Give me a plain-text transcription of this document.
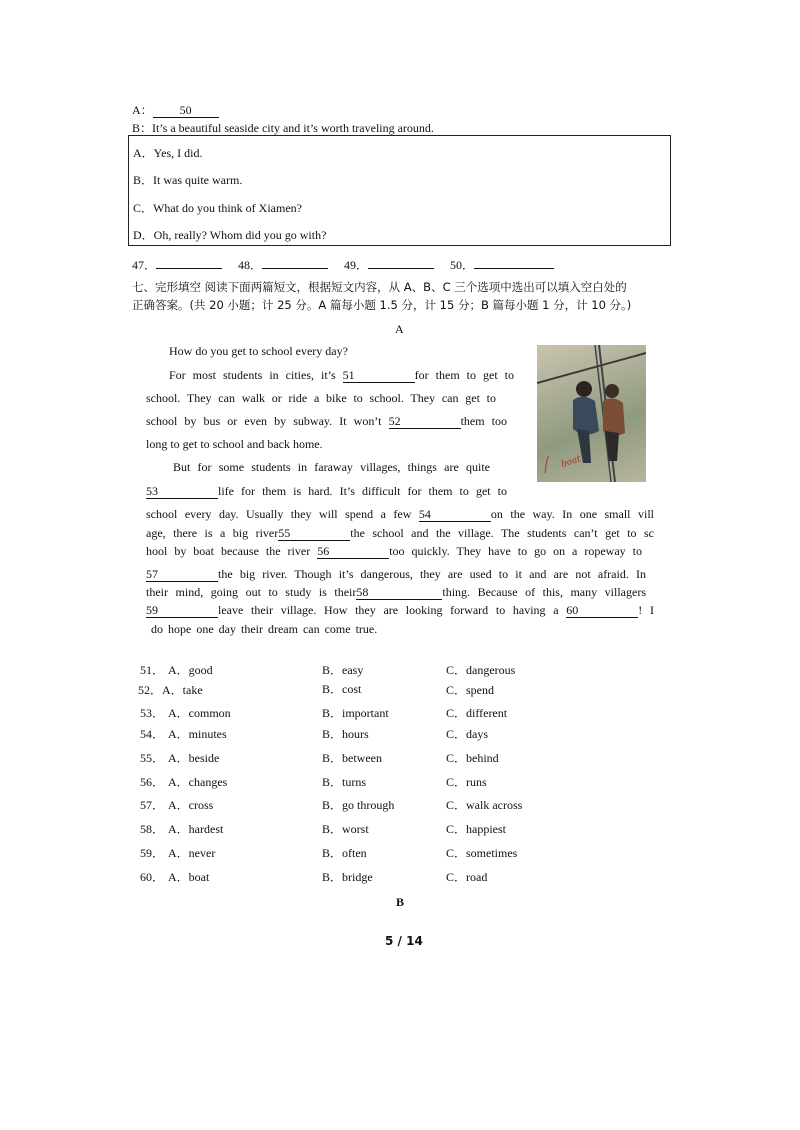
A： 50
B：It’s a beautiful seaside city and it’s worth traveling around.
A．Yes, I did.
B．It was quite warm.
C．What do you think of Xiamen?
D．Oh, really? Whom did you go with?
47．	48．	49．	50．
七、完形填空 阅读下面两篇短文，根据短文内容，从 A、B、C 三个选项中选出可以填入空白处的
正确答案。(共 20 小题；计 25 分。A 篇每小题 1.5 分，计 15 分；B 篇每小题 1 分，计 10 分。)
A
boat
How do you get to school every day?
For most students in cities, it’s 51	for them to get to
school. They can walk or ride a bike to school. They can get to
school by bus or even by subway. It won’t 52	them too
long to get to school and back home.
But for some students in faraway villages, things are quite
53	life for them is hard. It’s difficult for them to get to
school every day. Usually they will spend a few 54	on the way. In one small vill
age, there is a big river55	the school and the village. The students can’t get to sc
hool by boat because the river 56	too quickly. They have to go on a ropeway to
57	the big river. Though it’s dangerous, they are used to it and are not afraid. In
their mind, going out to study is their58	thing. Because of this, many villagers
59	leave their village. How they are looking forward to having a 60	! I
do hope one day their dream can come true.
51． A．good	B．easy	C．dangerous
52．A．take	B．cost	C．spend
53． A．common	B．important	C．different
54． A．minutes	B．hours	C．days
55． A．beside	B．between	C．behind
56． A．changes	B．turns	C．runs
57． A．cross	B．go through	C．walk across
58． A．hardest	B．worst	C．happiest
59． A．never	B．often	C．sometimes
60． A．boat	B．bridge	C．road
B
5 / 14
